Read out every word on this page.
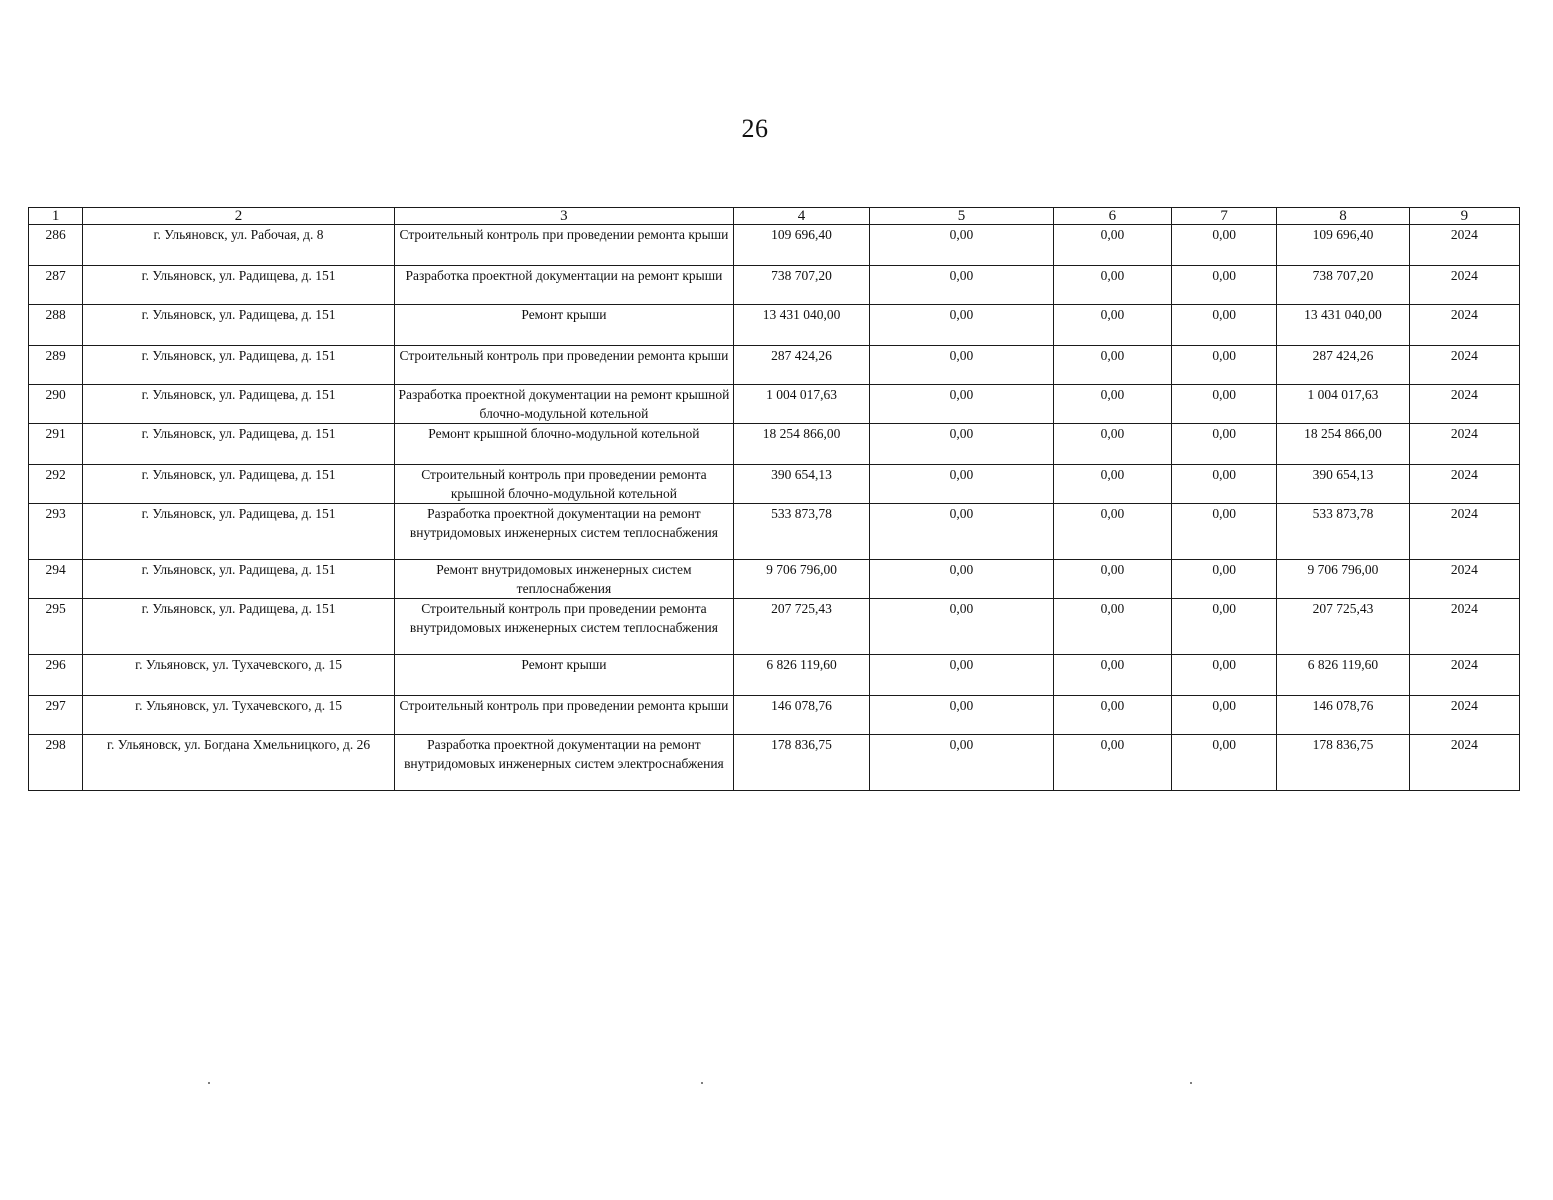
26
1	2	3	4	5	6	7	8	9
286	г. Ульяновск, ул. Рабочая, д. 8	Строительный контроль при проведении ремонта крыши	109 696,40	0,00	0,00	0,00	109 696,40	2024
287	г. Ульяновск, ул. Радищева, д. 151	Разработка проектной документации на ремонт крыши	738 707,20	0,00	0,00	0,00	738 707,20	2024
288	г. Ульяновск, ул. Радищева, д. 151	Ремонт крыши	13 431 040,00	0,00	0,00	0,00	13 431 040,00	2024
289	г. Ульяновск, ул. Радищева, д. 151	Строительный контроль при проведении ремонта крыши	287 424,26	0,00	0,00	0,00	287 424,26	2024
290	г. Ульяновск, ул. Радищева, д. 151	Разработка проектной документации на ремонт крышной блочно-модульной котельной	1 004 017,63	0,00	0,00	0,00	1 004 017,63	2024
291	г. Ульяновск, ул. Радищева, д. 151	Ремонт крышной блочно-модульной котельной	18 254 866,00	0,00	0,00	0,00	18 254 866,00	2024
292	г. Ульяновск, ул. Радищева, д. 151	Строительный контроль при проведении ремонта крышной блочно-модульной котельной	390 654,13	0,00	0,00	0,00	390 654,13	2024
293	г. Ульяновск, ул. Радищева, д. 151	Разработка проектной документации на ремонт внутридомовых инженерных систем теплоснабжения	533 873,78	0,00	0,00	0,00	533 873,78	2024
294	г. Ульяновск, ул. Радищева, д. 151	Ремонт внутридомовых инженерных систем теплоснабжения	9 706 796,00	0,00	0,00	0,00	9 706 796,00	2024
295	г. Ульяновск, ул. Радищева, д. 151	Строительный контроль при проведении ремонта внутридомовых инженерных систем теплоснабжения	207 725,43	0,00	0,00	0,00	207 725,43	2024
296	г. Ульяновск, ул. Тухачевского, д. 15	Ремонт крыши	6 826 119,60	0,00	0,00	0,00	6 826 119,60	2024
297	г. Ульяновск, ул. Тухачевского, д. 15	Строительный контроль при проведении ремонта крыши	146 078,76	0,00	0,00	0,00	146 078,76	2024
298	г. Ульяновск, ул. Богдана Хмельницкого, д. 26	Разработка проектной документации на ремонт внутридомовых инженерных систем электроснабжения	178 836,75	0,00	0,00	0,00	178 836,75	2024
